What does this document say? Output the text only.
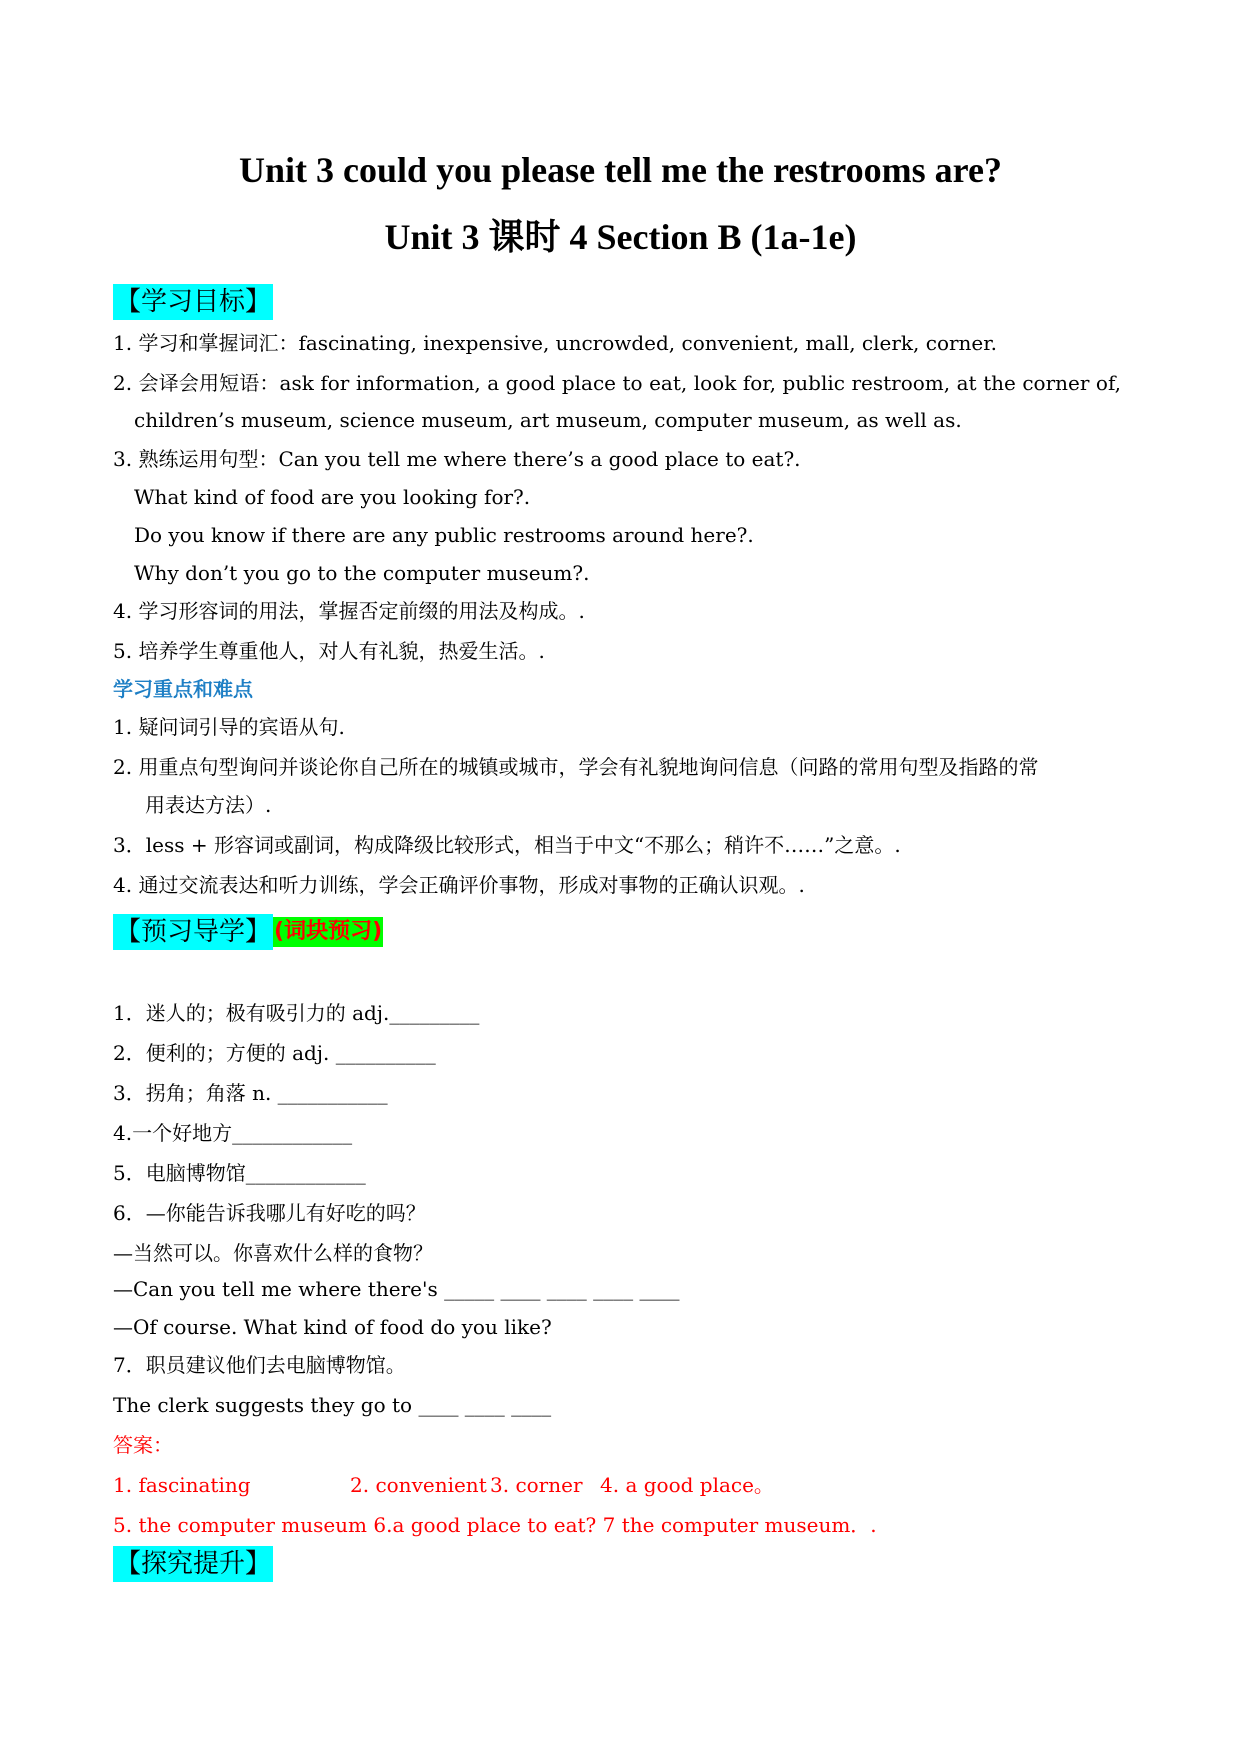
Unit 3 could you please tell me the restrooms are?
Unit 3 课时 4 Section B (1a-1e)
【学习目标】
1. 学习和掌握词汇：fascinating, inexpensive, uncrowded, convenient, mall, clerk, corner.
2. 会译会用短语：ask for information, a good place to eat, look for, public restroom, at the corner of,
children’s museum, science museum, art museum, computer museum, as well as.
3. 熟练运用句型：Can you tell me where there’s a good place to eat?.
What kind of food are you looking for?.
Do you know if there are any public restrooms around here?.
Why don’t you go to the computer museum?.
4. 学习形容词的用法，掌握否定前缀的用法及构成。.
5. 培养学生尊重他人，对人有礼貌，热爱生活。.
学习重点和难点
1. 疑问词引导的宾语从句.
2. 用重点句型询问并谈论你自己所在的城镇或城市，学会有礼貌地询问信息（问路的常用句型及指路的常
用表达方法）.
3．less + 形容词或副词，构成降级比较形式，相当于中文“不那么；稍许不……”之意。.
4. 通过交流表达和听力训练，学会正确评价事物，形成对事物的正确认识观。.
【预习导学】 (词块预习)
1．迷人的；极有吸引力的 adj._________
2．便利的；方便的 adj. __________
3．拐角；角落 n. ___________
4.一个好地方____________
5．电脑博物馆____________
6．—你能告诉我哪儿有好吃的吗？
—当然可以。你喜欢什么样的食物？
—Can you tell me where there's _____ ____ ____ ____ ____
—Of course. What kind of food do you like?
7．职员建议他们去电脑博物馆。
The clerk suggests they go to ____ ____ ____
答案：
1. fascinating	2. convenient 3. corner 4. a good place。
5. the computer museum 6.a good place to eat? 7 the computer museum．.
【探究提升】
